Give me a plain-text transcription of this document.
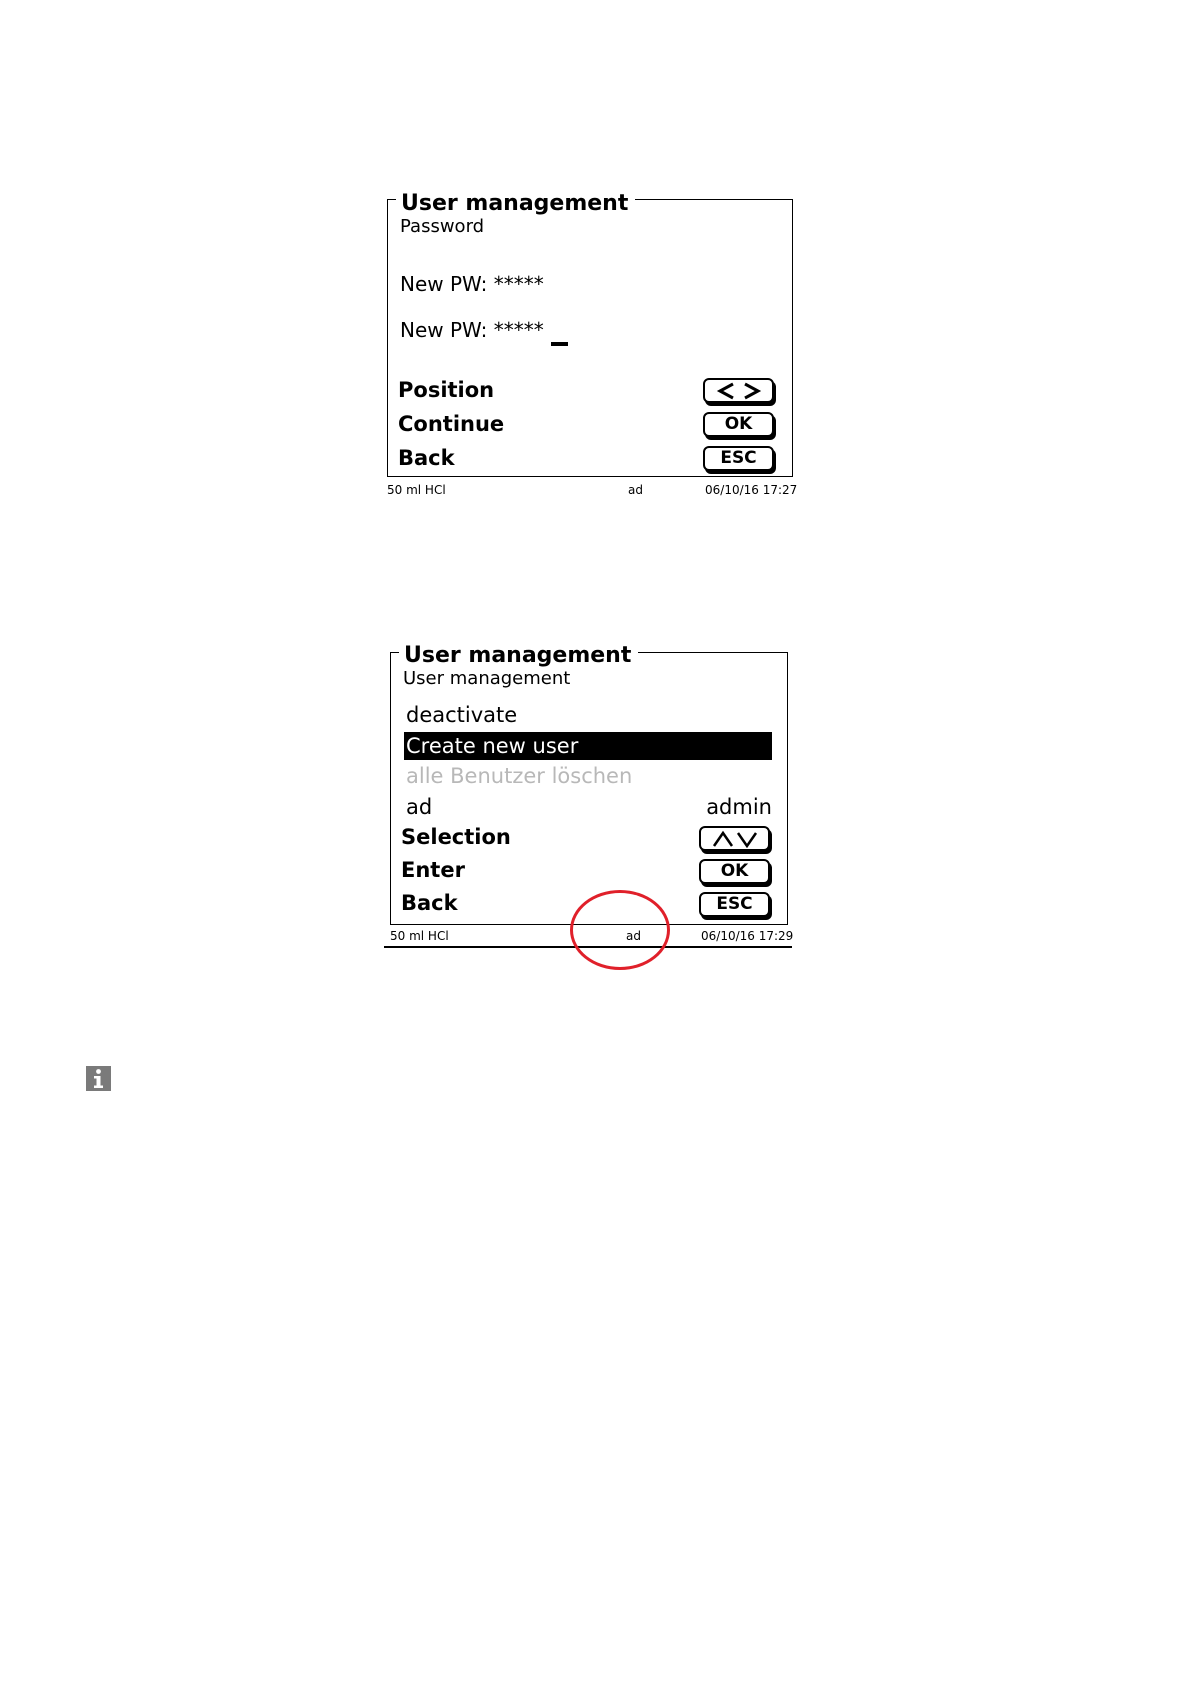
User management
Password
New PW: *****
New PW: *****
Position
Continue	OK
Back	ESC
50 ml HCl	ad	06/10/16 17:27
User management
User management
deactivate
Create new user
alle Benutzer löschen
ad	admin
Selection
Enter	OK
Back	ESC
50 ml HCl	ad	06/10/16 17:29
